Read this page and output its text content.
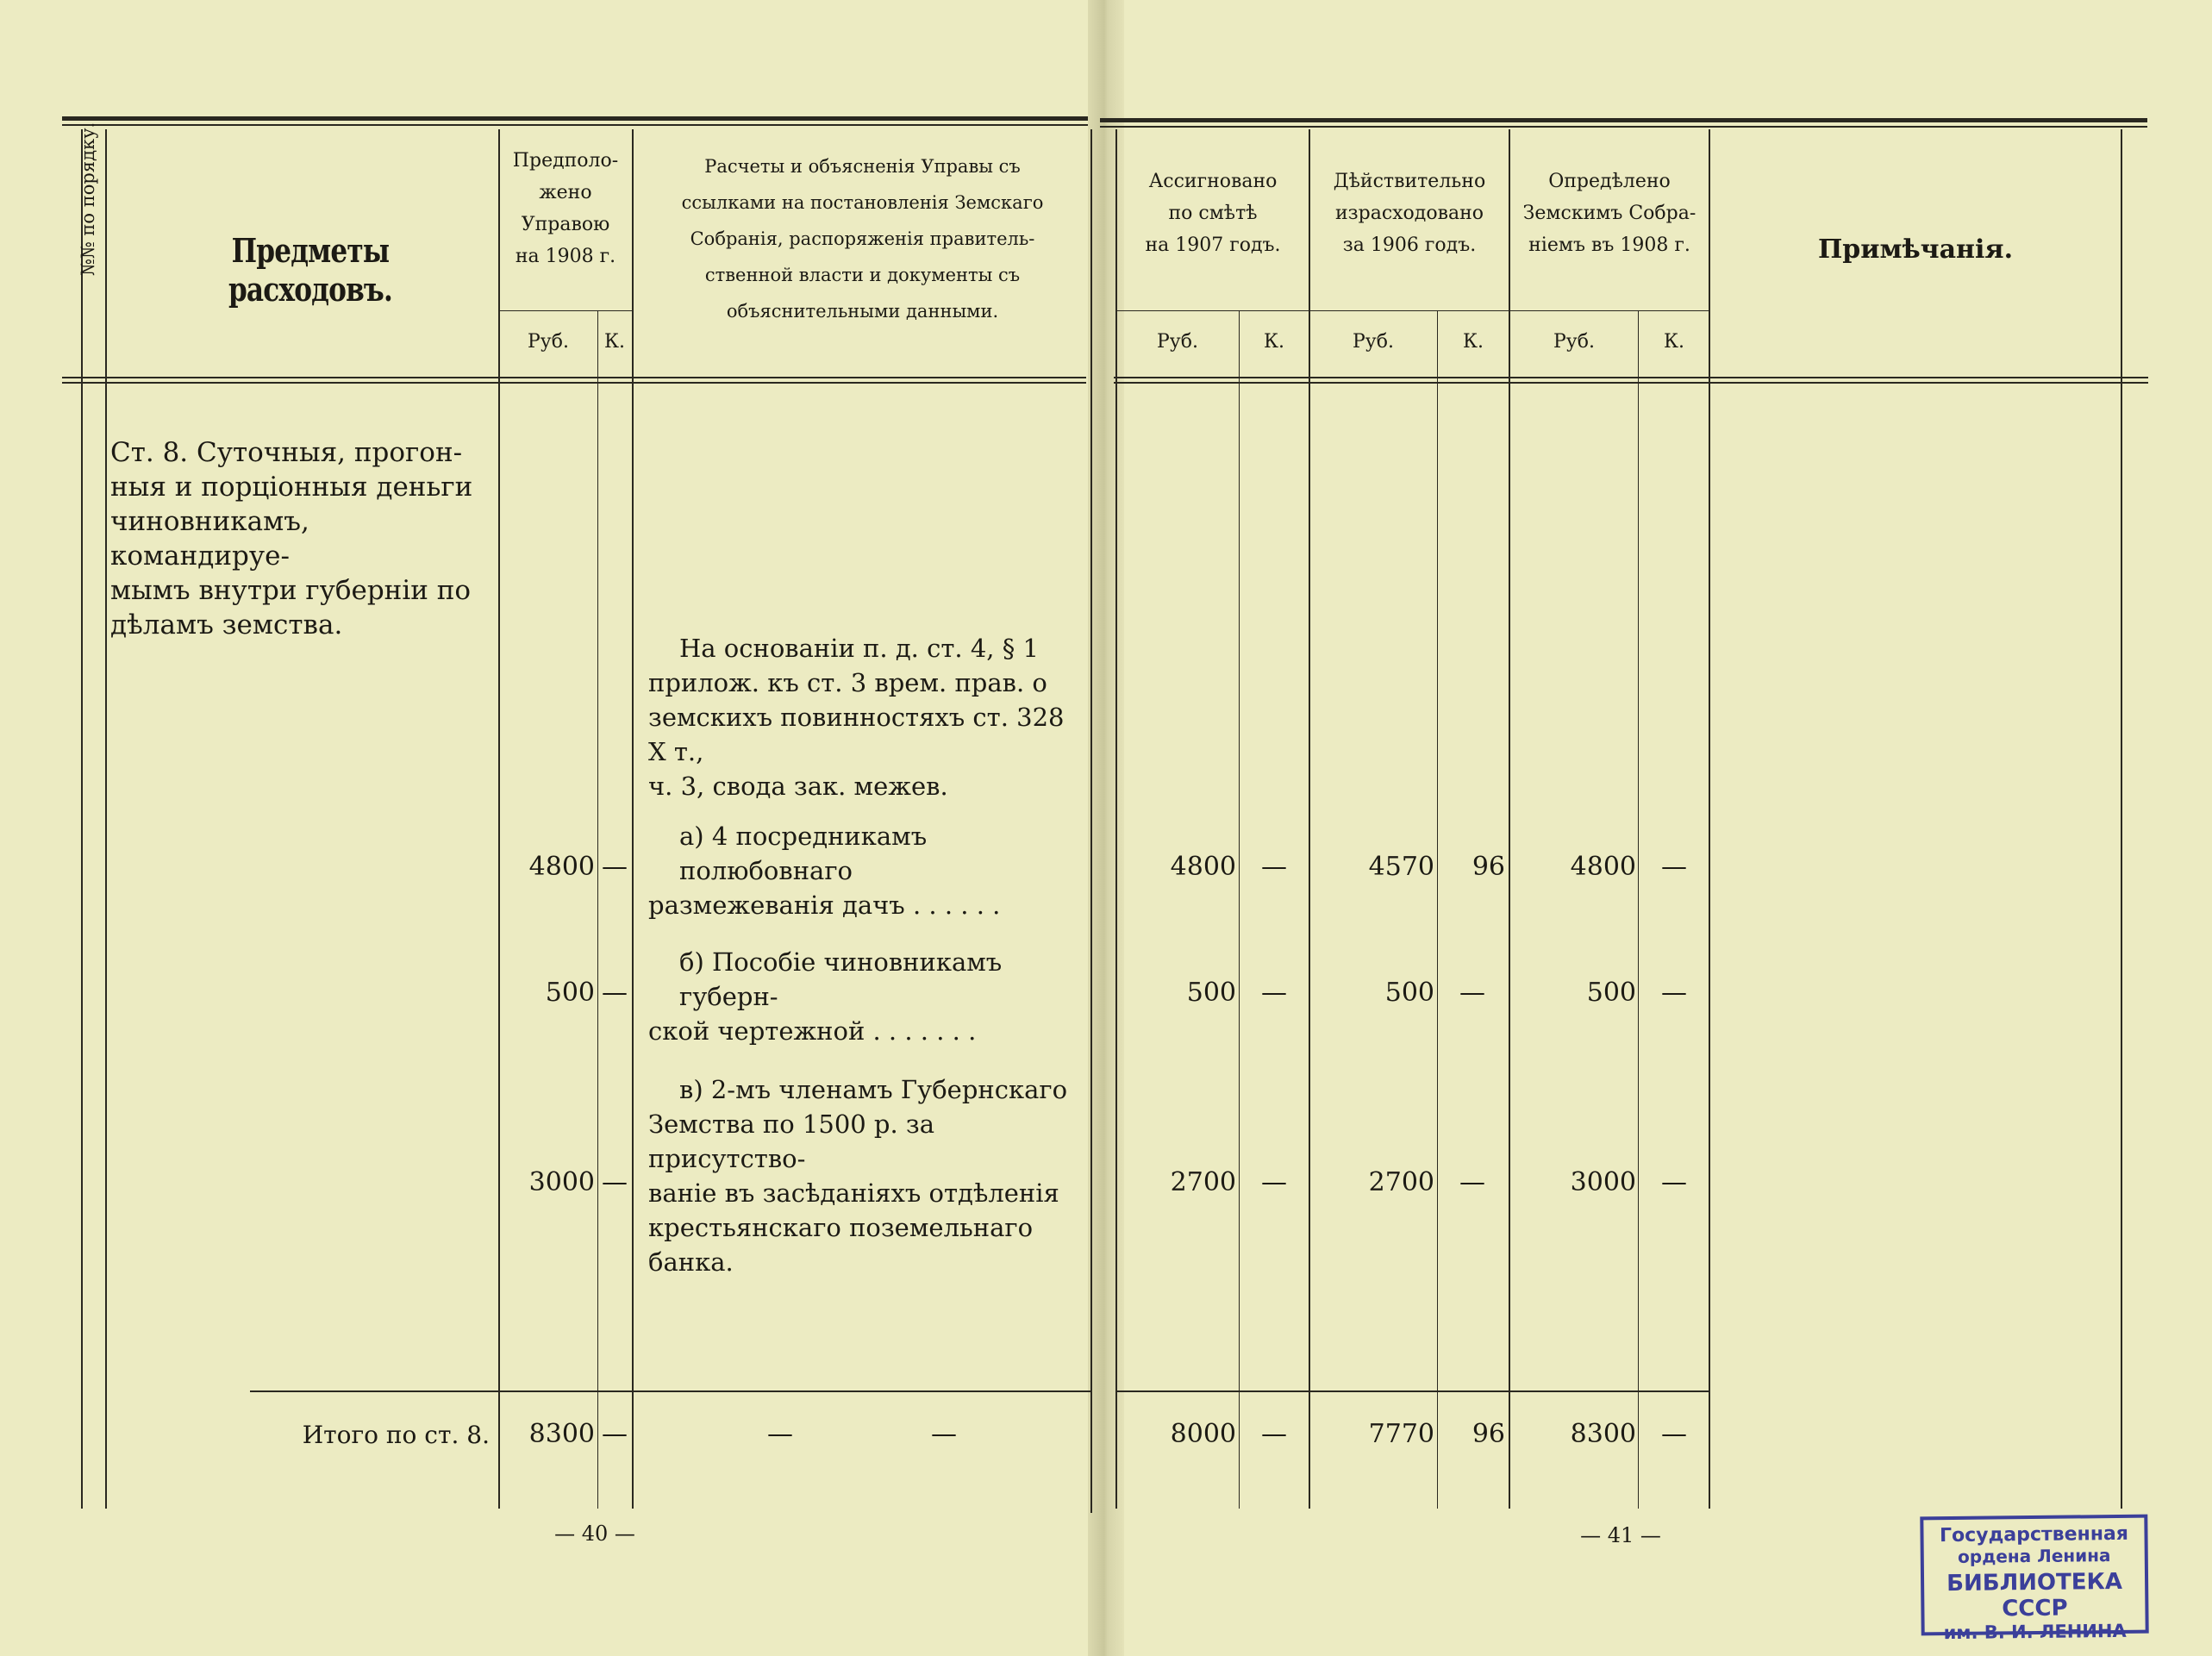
№№ по порядку.	Предметы расходовъ.
Предполо-
жено
Управою
на 1908 г.
Расчеты и объясненія Управы съ
ссылками на постановленія Земскаго
Собранія, распоряженія правитель-
ственной власти и документы съ
объяснительными данными.
Руб.	К.
Ассигновано
по смѣтѣ
на 1907 годъ.
Дѣйствительно
израсходовано
за 1906 годъ.
Опредѣлено
Земскимъ Собра-
ніемъ въ 1908 г.	Примѣчанія.
Руб.	К.	Руб.	К.	Руб.	К.
Ст. 8. Суточныя, прогон-
ныя и порціонныя деньги
чиновникамъ, командируе-
мымъ внутри губерніи по
дѣламъ земства.
На основаніи п. д. ст. 4, § 1
прилож. къ ст. 3 врем. прав. о
земскихъ повинностяхъ ст. 328 X т.,
ч. 3, свода зак. межев.
а) 4 посредникамъ полюбовнаго
размежеванія дачъ . . . . . .
4800 —	4800 —	4570	96	4800 —
б) Пособіе чиновникамъ губерн-
ской чертежной . . . . . . .
500 —	500 —	500 —	500 —
в) 2-мъ членамъ Губернскаго
Земства по 1500 р. за присутство-
ваніе въ засѣданіяхъ отдѣленія
крестьянскаго поземельнаго банка.
3000 —	2700 —	2700 —	3000 —
Итого по ст. 8.	8300 —	—	—	8000 —	7770	96	8300 —
— 40 —	— 41 —	Государственная
ордена Ленина
БИБЛИОТЕКА СССР
им. В. И. ЛЕНИНА
